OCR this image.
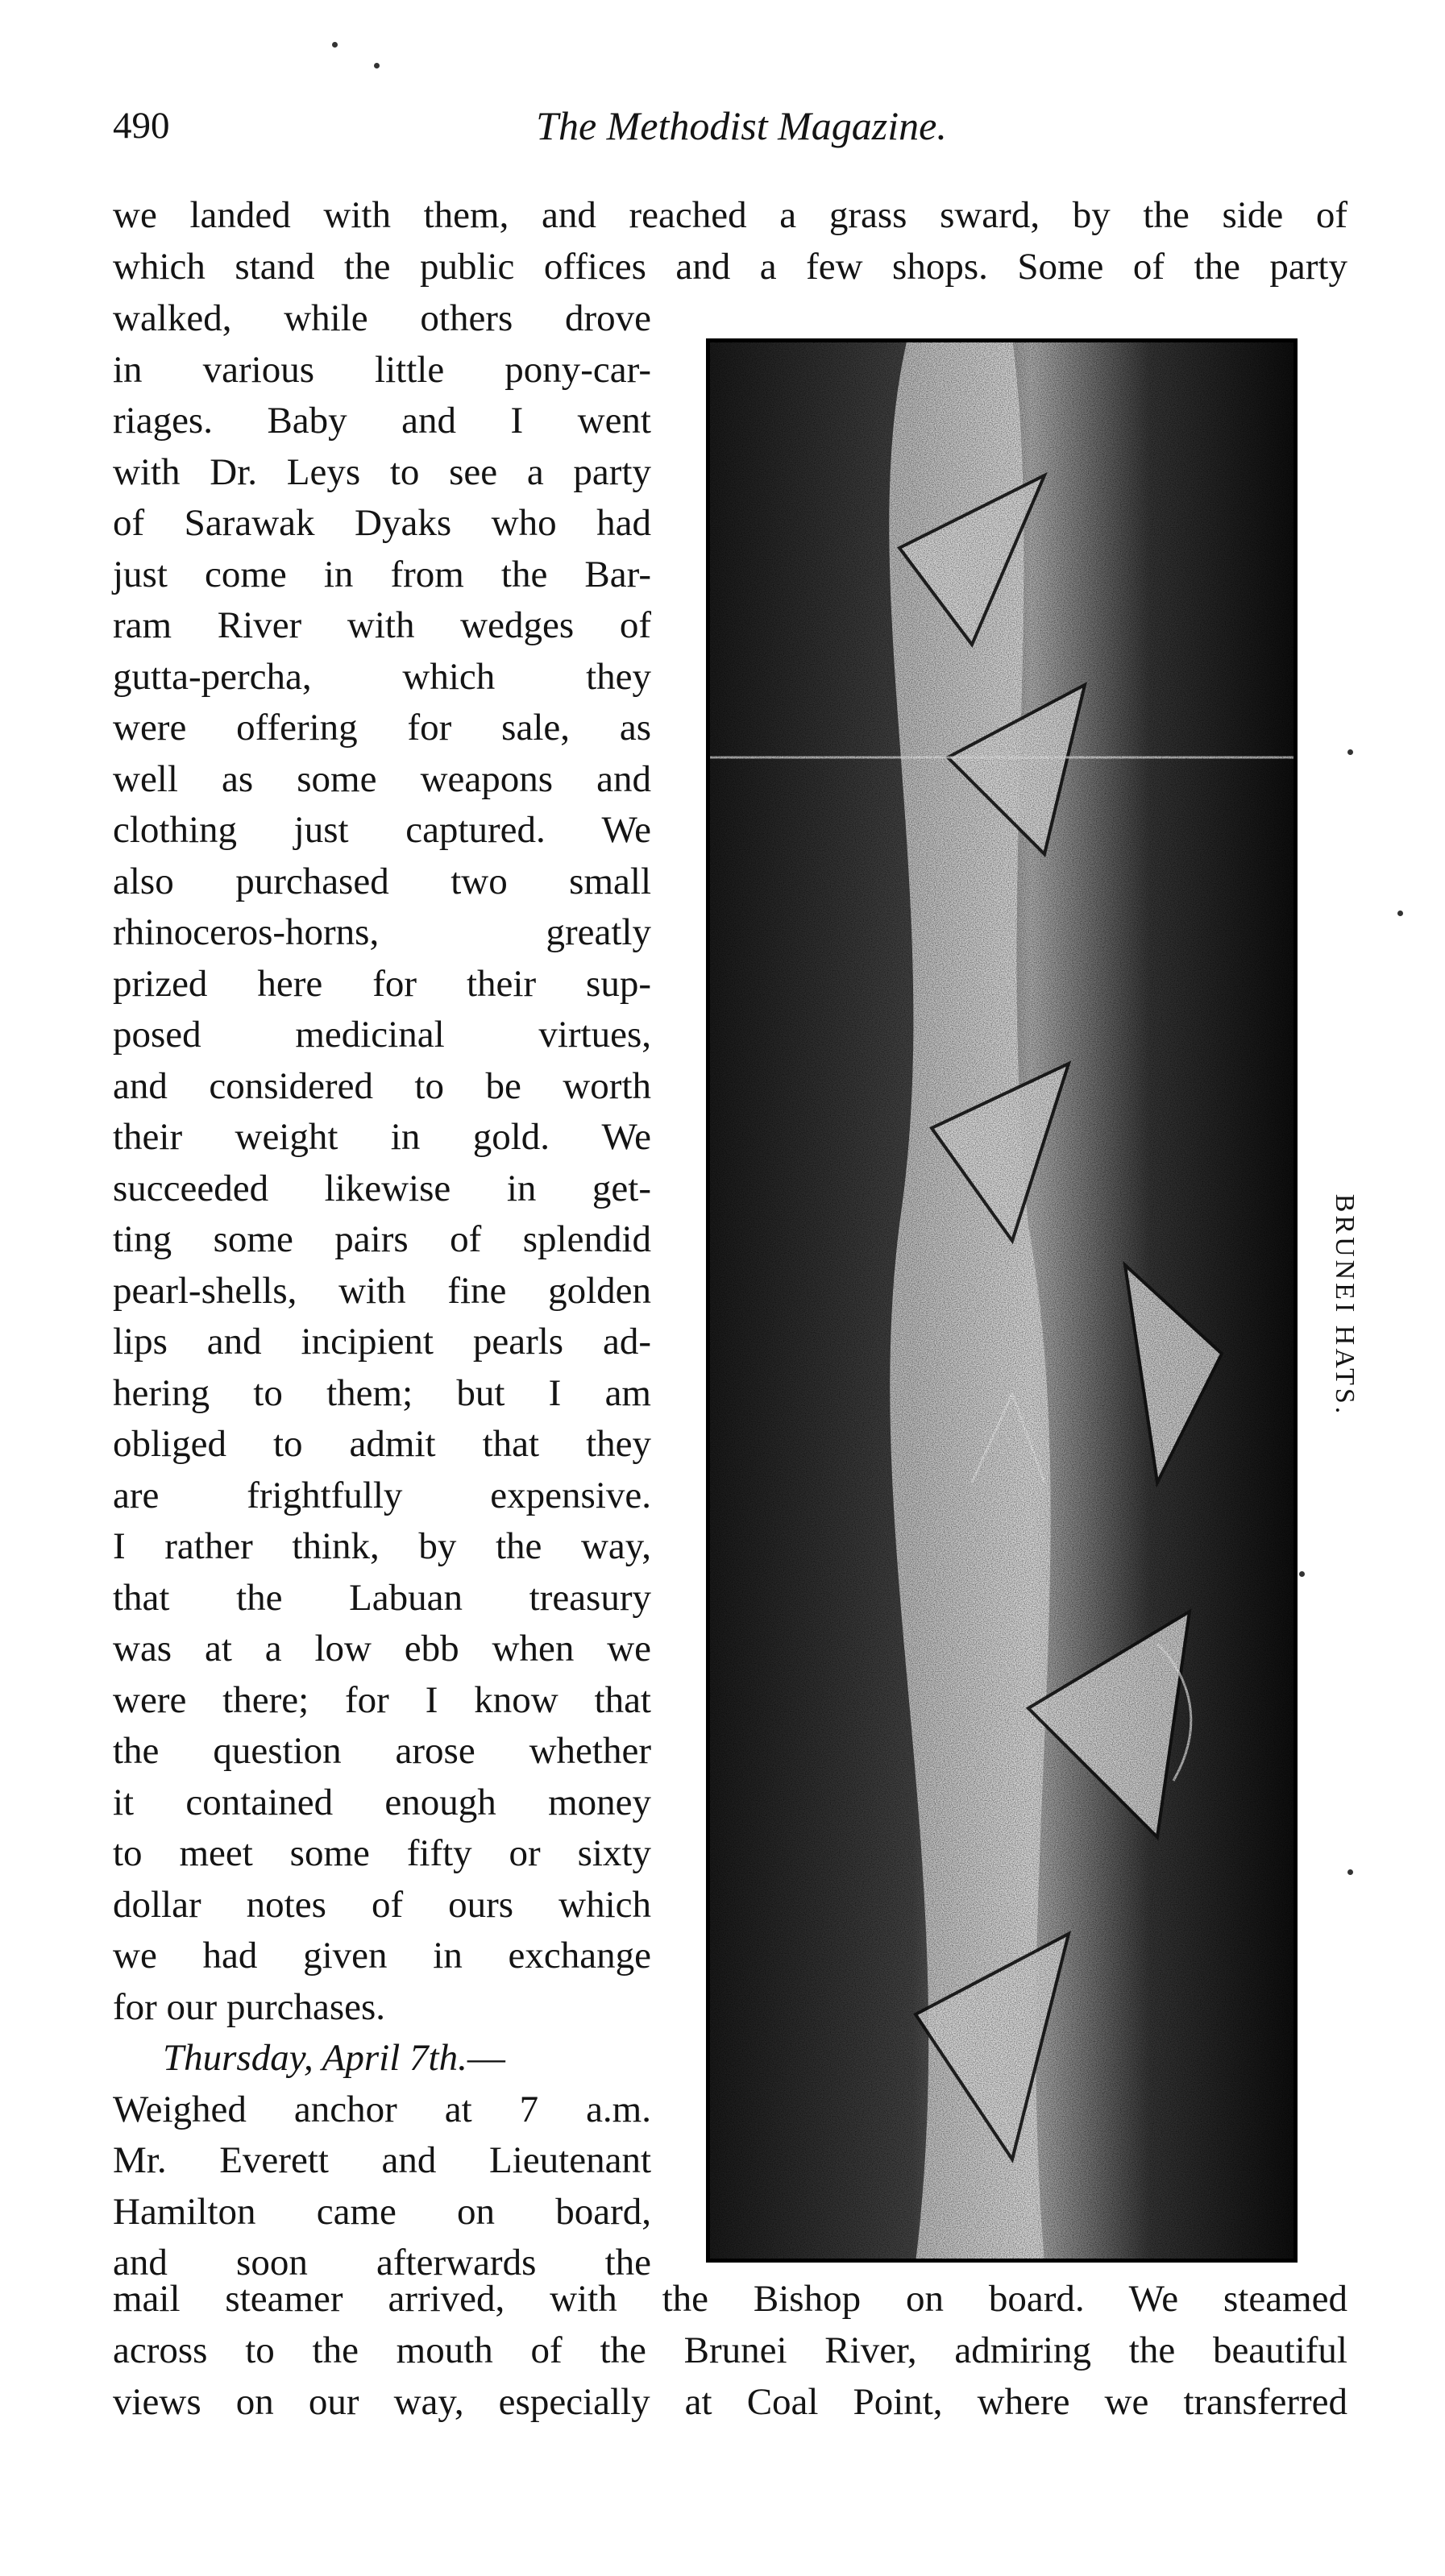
490	The Methodist Magazine.
we landed with them, and reached a grass sward, by the side of
which stand the public offices and a few shops. Some of the party
walked, while others drove
in various little pony-car-
riages. Baby and I went
with Dr. Leys to see a party
of Sarawak Dyaks who had
just come in from the Bar-
ram River with wedges of
gutta-percha, which they
were offering for sale, as
well as some weapons and
clothing just captured. We
also purchased two small
rhinoceros-horns, greatly
prized here for their sup-
posed medicinal virtues,
and considered to be worth
their weight in gold. We
succeeded likewise in get-
ting some pairs of splendid
pearl-shells, with fine golden
lips and incipient pearls ad-
hering to them; but I am
obliged to admit that they
are frightfully expensive.
I rather think, by the way,
that the Labuan treasury
was at a low ebb when we
were there; for I know that
the question arose whether
it contained enough money
to meet some fifty or sixty
dollar notes of ours which
we had given in exchange
for our purchases.
Thursday, April 7th.—
Weighed anchor at 7 a.m.
Mr. Everett and Lieutenant
Hamilton came on board,
and soon afterwards the
BRUNEI HATS.
mail steamer arrived, with the Bishop on board. We steamed
across to the mouth of the Brunei River, admiring the beautiful
views on our way, especially at Coal Point, where we transferred
